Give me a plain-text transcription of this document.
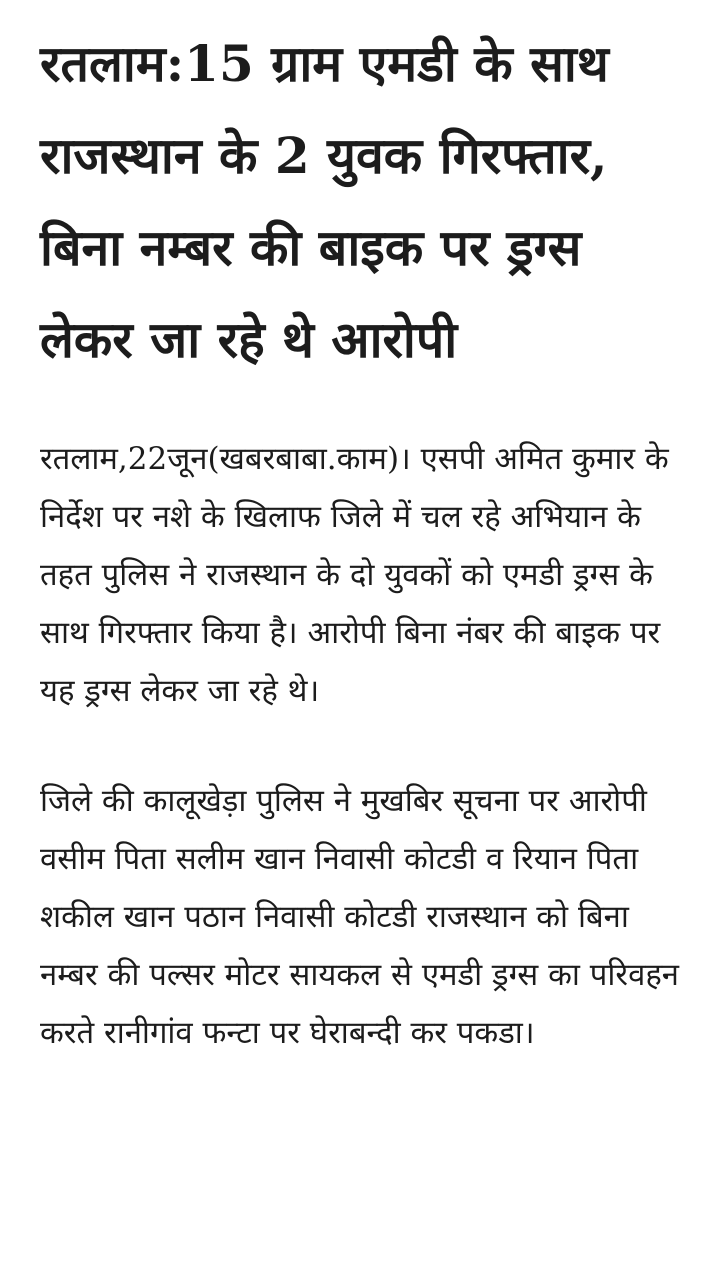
रतलाम:15 ग्राम एमडी के साथ राजस्थान के 2 युवक गिरफ्तार, बिना नम्बर की बाइक पर ड्रग्स लेकर जा रहे थे आरोपी

रतलाम,22जून(खबरबाबा.काम)। एसपी अमित कुमार के निर्देश पर नशे के खिलाफ जिले में चल रहे अभियान के तहत पुलिस ने राजस्थान के दो युवकों को एमडी ड्रग्स के साथ गिरफ्तार किया है। आरोपी बिना नंबर की बाइक पर यह ड्रग्स लेकर जा रहे थे।

जिले की कालूखेड़ा पुलिस ने मुखबिर सूचना पर आरोपी वसीम पिता सलीम खान निवासी कोटडी व रियान पिता शकील खान पठान निवासी कोटडी राजस्थान को बिना नम्बर की पल्सर मोटर सायकल से एमडी ड्रग्स का परिवहन करते रानीगांव फन्टा पर घेराबन्दी कर पकडा।
